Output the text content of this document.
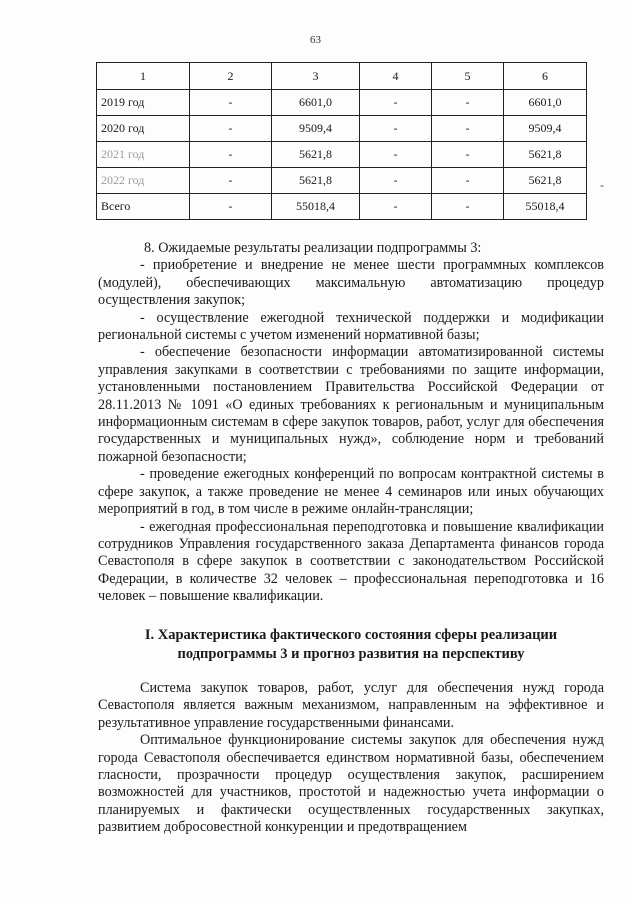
63
1	2	3	4	5	6
2019 год	-	6601,0	-	-	6601,0
2020 год	-	9509,4	-	-	9509,4
2021 год	-	5621,8	-	-	5621,8
2022 год	-	5621,8	-	-	5621,8
Всего	-	55018,4	-	-	55018,4
-

8. Ожидаемые результаты реализации подпрограммы 3:

- приобретение и внедрение не менее шести программных комплексов (модулей), обеспечивающих максимальную автоматизацию процедур осуществления закупок;

- осуществление ежегодной технической поддержки и модификации региональной системы с учетом изменений нормативной базы;

- обеспечение безопасности информации автоматизированной системы управления закупками в соответствии с требованиями по защите информации, установленными постановлением Правительства Российской Федерации от 28.11.2013 № 1091 «О единых требованиях к региональным и муниципальным информационным системам в сфере закупок товаров, работ, услуг для обеспечения государственных и муниципальных нужд», соблюдение норм и требований пожарной безопасности;

- проведение ежегодных конференций по вопросам контрактной системы в сфере закупок, а также проведение не менее 4 семинаров или иных обучающих мероприятий в год, в том числе в режиме онлайн-трансляции;

- ежегодная профессиональная переподготовка и повышение квалификации сотрудников Управления государственного заказа Департамента финансов города Севастополя в сфере закупок в соответствии с законодательством Российской Федерации, в количестве 32 человек – профессиональная переподготовка и 16 человек – повышение квалификации.

I. Характеристика фактического состояния сферы реализации подпрограммы 3 и прогноз развития на перспективу

Система закупок товаров, работ, услуг для обеспечения нужд города Севастополя является важным механизмом, направленным на эффективное и результативное управление государственными финансами.

Оптимальное функционирование системы закупок для обеспечения нужд города Севастополя обеспечивается единством нормативной базы, обеспечением гласности, прозрачности процедур осуществления закупок, расширением возможностей для участников, простотой и надежностью учета информации о планируемых и фактически осуществленных государственных закупках, развитием добросовестной конкуренции и предотвращением
